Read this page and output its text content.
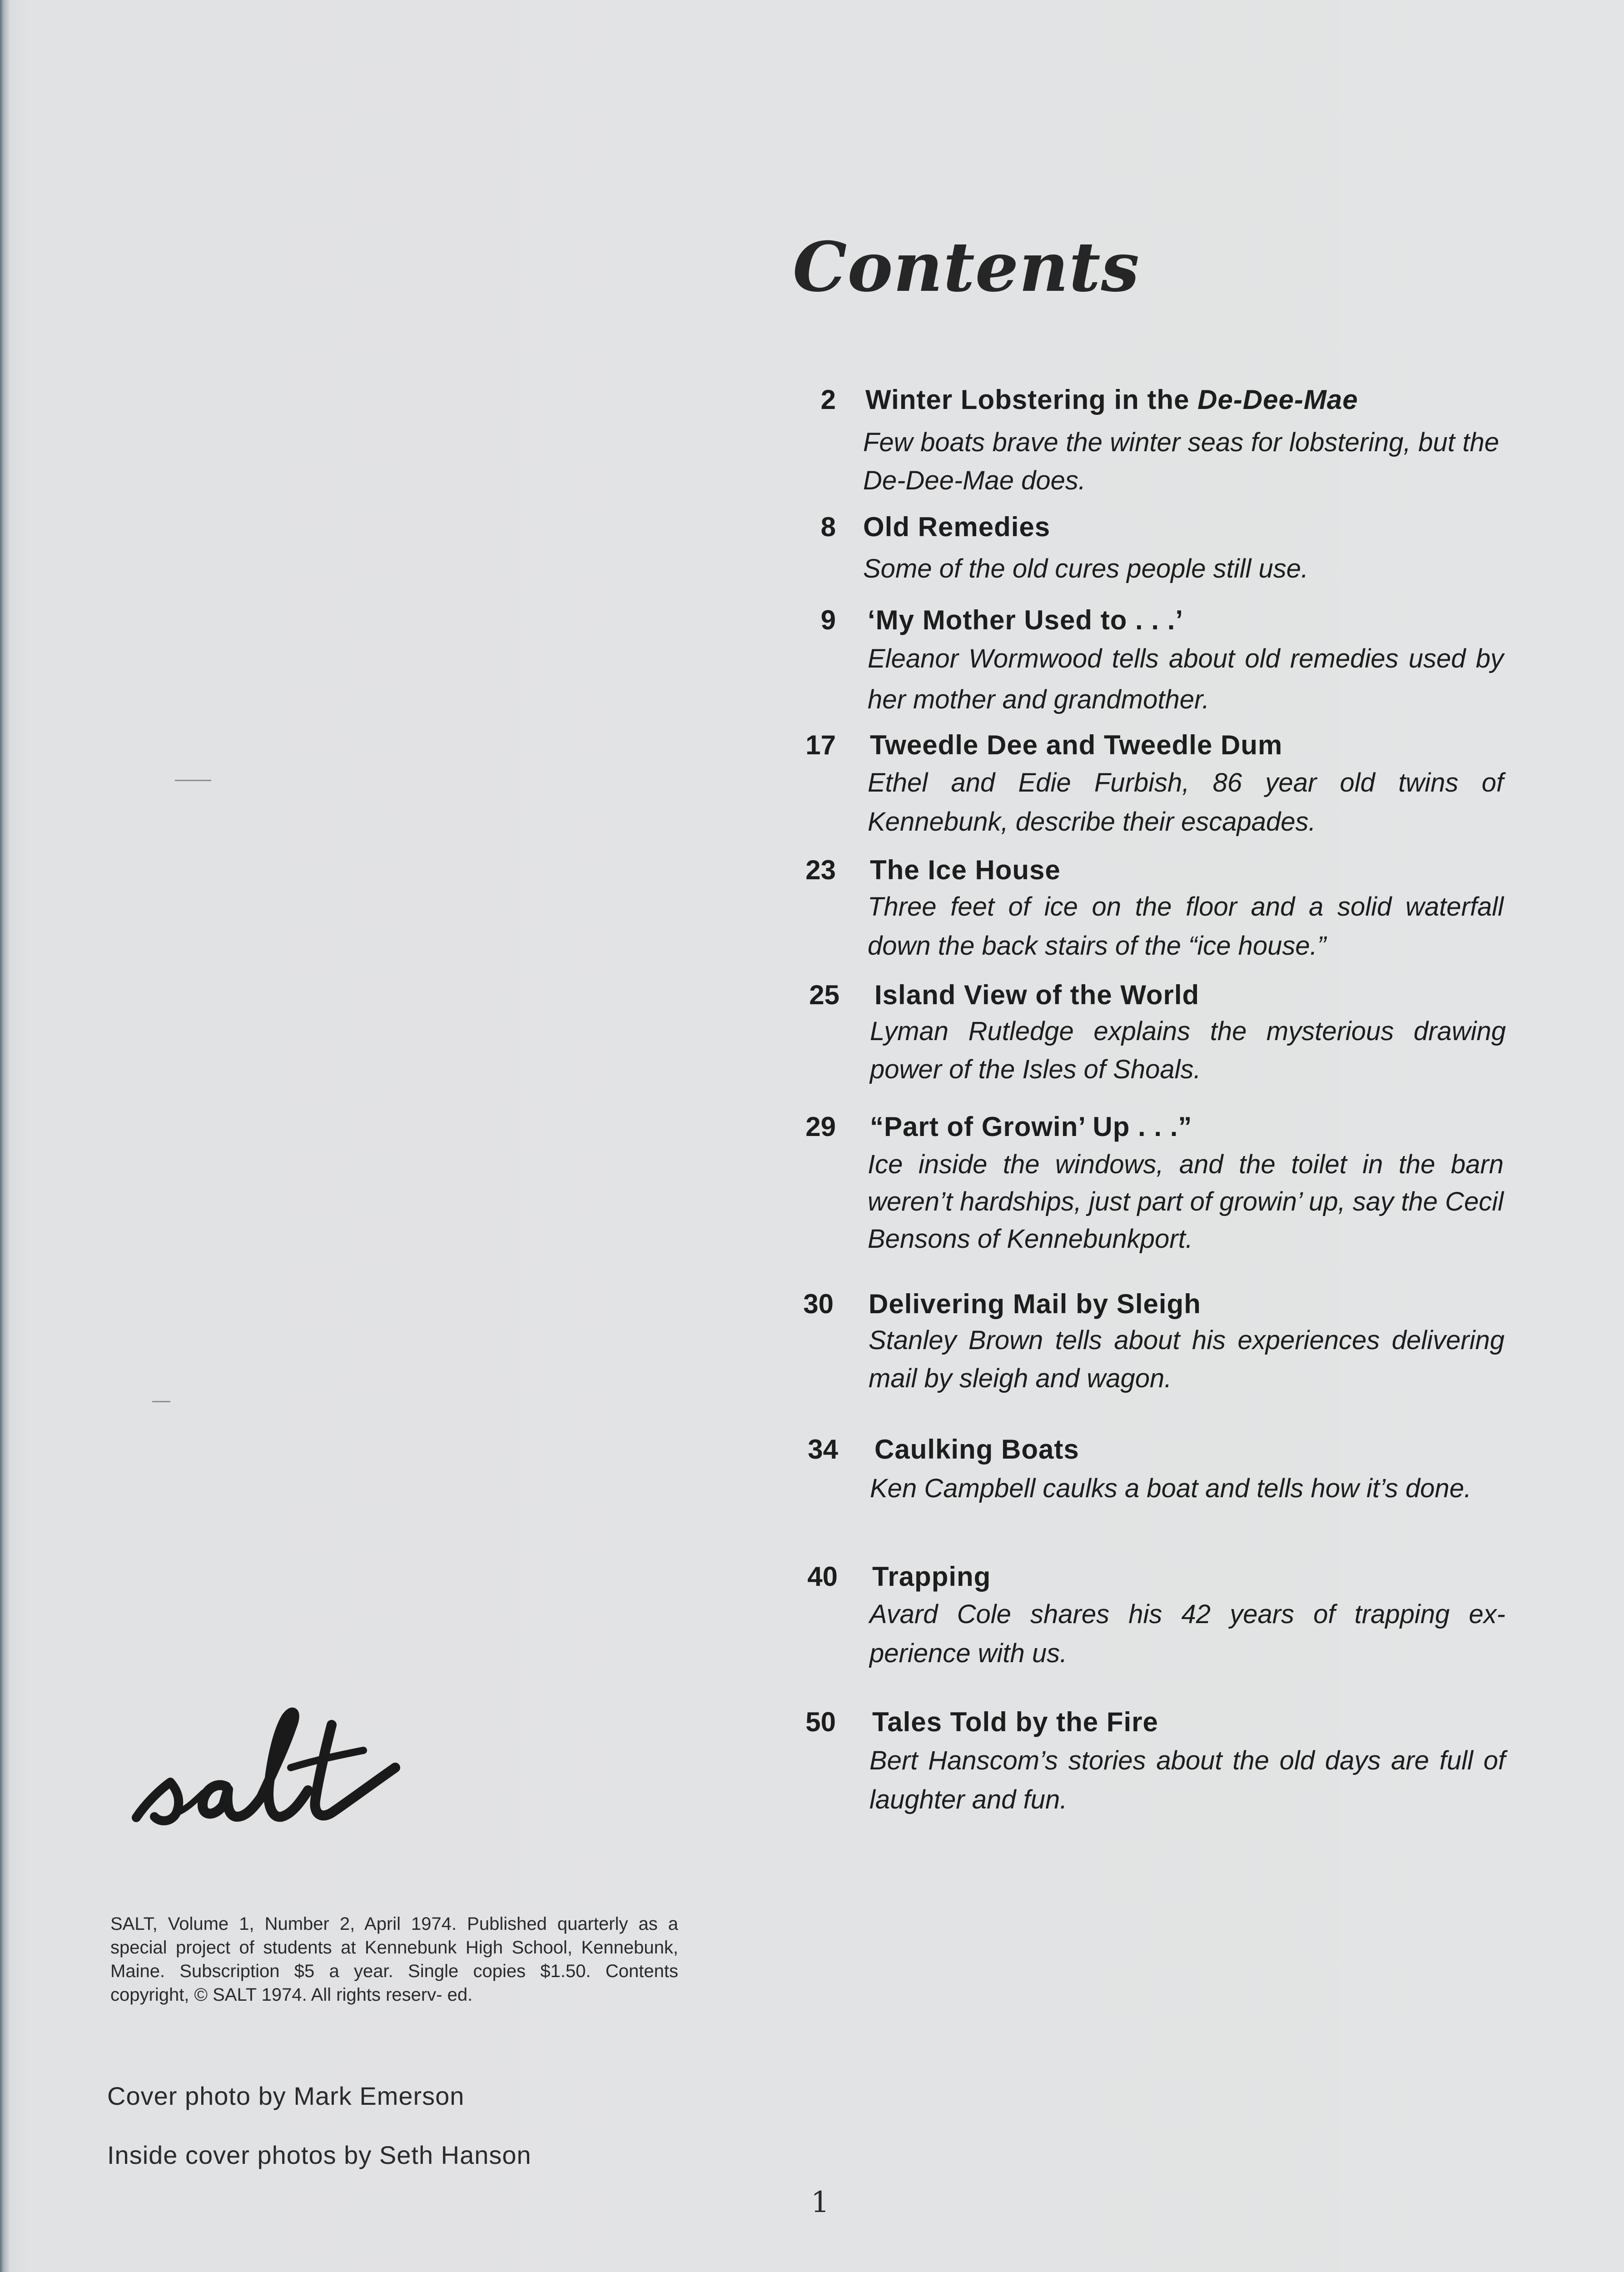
Contents
2 Winter Lobstering in the De-Dee-Mae
Few boats brave the winter seas for lobstering, but the De-Dee-Mae does.
8 Old Remedies
Some of the old cures people still use.
9 ‘My Mother Used to . . .’
Eleanor Wormwood tells about old remedies used by her mother and grandmother.
17 Tweedle Dee and Tweedle Dum
Ethel and Edie Furbish, 86 year old twins of Kennebunk, describe their escapades.
23 The Ice House
Three feet of ice on the floor and a solid waterfall down the back stairs of the “ice house.”
25 Island View of the World
Lyman Rutledge explains the mysterious drawing power of the Isles of Shoals.
29 “Part of Growin’ Up . . .”
Ice inside the windows, and the toilet in the barn weren’t hardships, just part of growin’ up, say the Cecil Bensons of Kennebunkport.
30 Delivering Mail by Sleigh
Stanley Brown tells about his experiences delivering mail by sleigh and wagon.
34 Caulking Boats
Ken Campbell caulks a boat and tells how it’s done.
40 Trapping
Avard Cole shares his 42 years of trapping ex- perience with us.
50 Tales Told by the Fire
Bert Hanscom’s stories about the old days are full of laughter and fun.
SALT, Volume 1, Number 2, April 1974. Published quarterly as a special project of students at Kennebunk High School, Kennebunk, Maine. Subscription $5 a year. Single copies $1.50. Contents copyright, © SALT 1974. All rights reserv- ed.
Cover photo by Mark Emerson
Inside cover photos by Seth Hanson
1
